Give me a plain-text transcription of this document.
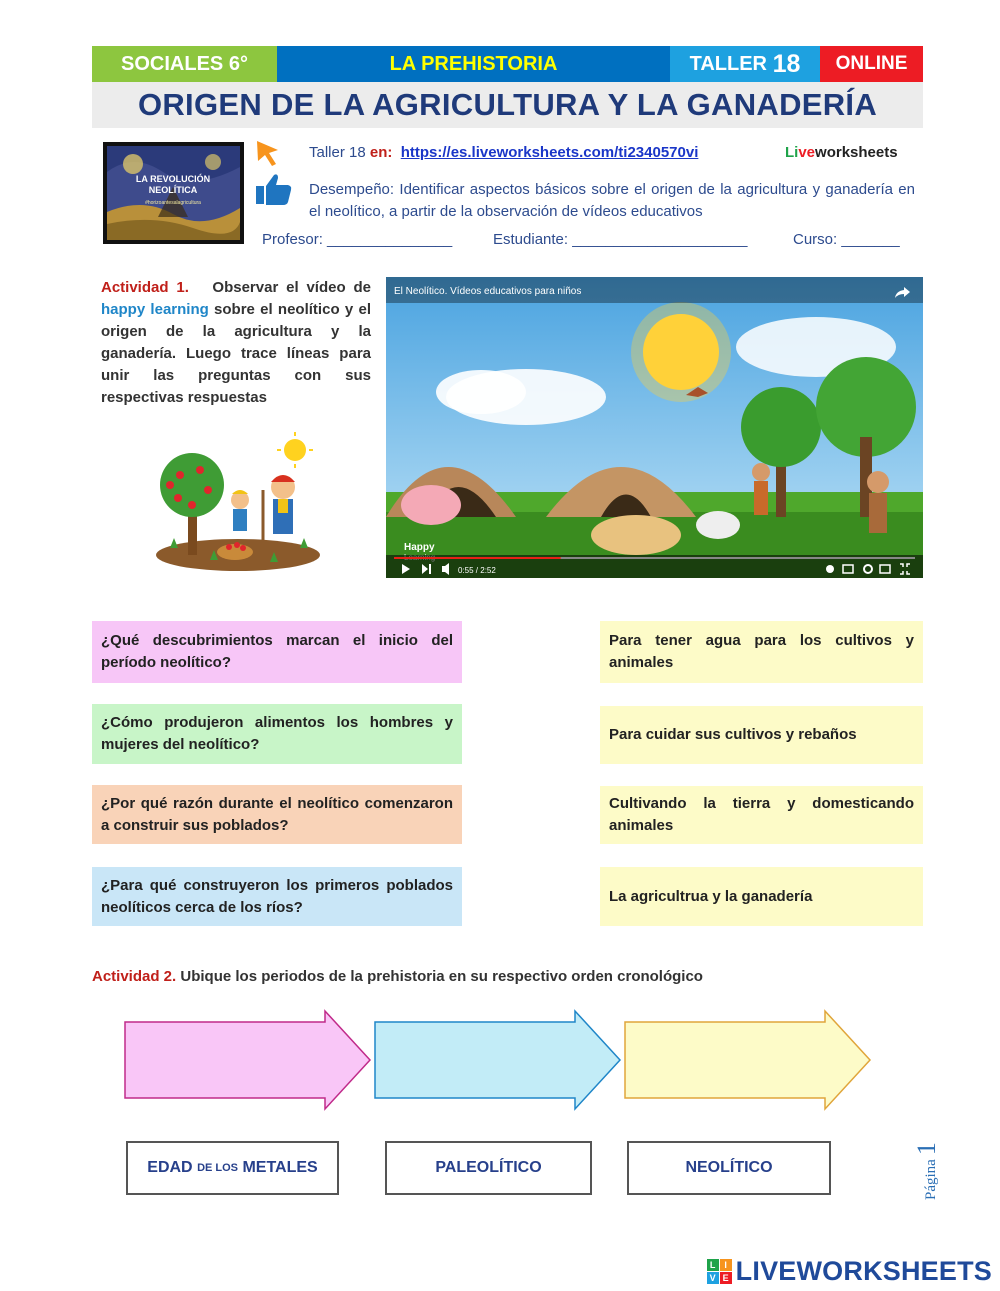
SOCIALES 6°	LA PREHISTORIA	TALLER
18 ONLINE
ORIGEN DE LA AGRICULTURA Y LA GANADERÍA
LA REVOLUCIÓN
NEOLÍTICA
#horizoantesalagricultura
Taller 18 en: https://es.liveworksheets.com/ti2340570vi	Liveworksheets
Desempeño: Identificar aspectos básicos sobre el origen de la agricultura y ganadería en el neolítico, a partir de la observación de vídeos educativos
Profesor: _______________	Estudiante: _____________________	Curso: _______
Actividad 1. Observar el vídeo de happy learning sobre el neolítico y el origen de la agricultura y la ganadería. Luego trace líneas para unir las preguntas con sus respectivas respuestas
El Neolítico. Vídeos educativos para niños
Happy
0:55 / 2:52
¿Qué descubrimientos marcan el inicio del período neolítico?
¿Cómo produjeron alimentos los hombres y mujeres del neolítico?
¿Por qué razón durante el neolítico comenzaron a construir sus poblados?
¿Para qué construyeron los primeros poblados neolíticos cerca de los ríos?
Para tener agua para los cultivos y animales
Para cuidar sus cultivos y rebaños
Cultivando la tierra y domesticando animales
La agricultrua y la ganadería
Actividad 2. Ubique los periodos de la prehistoria en su respectivo orden cronológico
EDAD
DE LOS
METALES	PALEOLÍTICO	NEOLÍTICO	Página 1
L I
V E LIVEWORKSHEETS
